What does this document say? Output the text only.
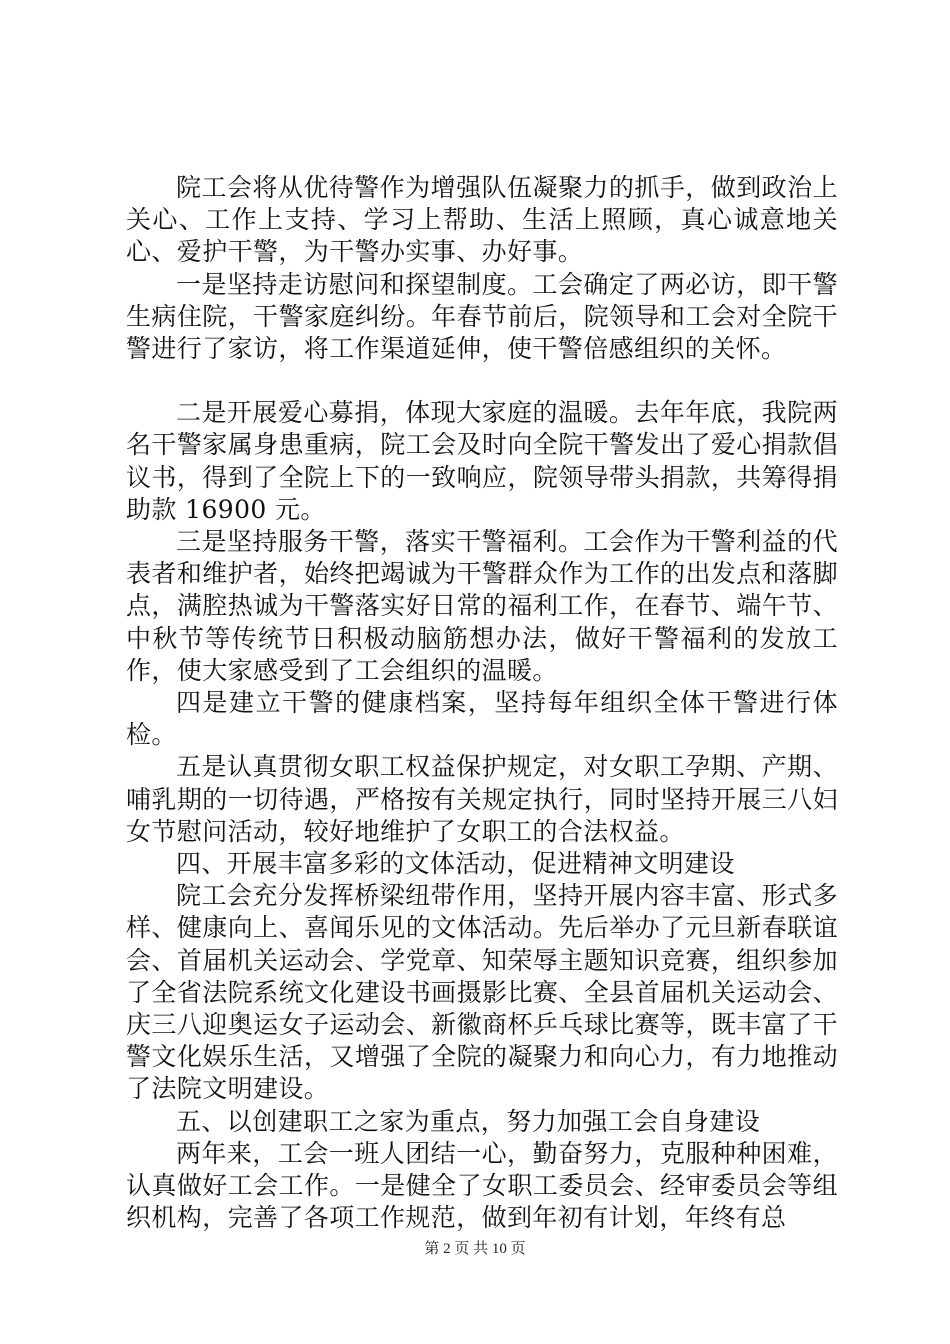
院工会将从优待警作为增强队伍凝聚力的抓手，做到政治上关心、工作上支持、学习上帮助、生活上照顾，真心诚意地关心、爱护干警，为干警办实事、办好事。

一是坚持走访慰问和探望制度。工会确定了两必访，即干警生病住院，干警家庭纠纷。年春节前后，院领导和工会对全院干警进行了家访，将工作渠道延伸，使干警倍感组织的关怀。

二是开展爱心募捐，体现大家庭的温暖。去年年底，我院两名干警家属身患重病，院工会及时向全院干警发出了爱心捐款倡议书，得到了全院上下的一致响应，院领导带头捐款，共筹得捐助款 16900 元。

三是坚持服务干警，落实干警福利。工会作为干警利益的代表者和维护者，始终把竭诚为干警群众作为工作的出发点和落脚点，满腔热诚为干警落实好日常的福利工作，在春节、端午节、中秋节等传统节日积极动脑筋想办法，做好干警福利的发放工作，使大家感受到了工会组织的温暖。

四是建立干警的健康档案，坚持每年组织全体干警进行体检。

五是认真贯彻女职工权益保护规定，对女职工孕期、产期、哺乳期的一切待遇，严格按有关规定执行，同时坚持开展三八妇女节慰问活动，较好地维护了女职工的合法权益。

四、开展丰富多彩的文体活动，促进精神文明建设

院工会充分发挥桥梁纽带作用，坚持开展内容丰富、形式多样、健康向上、喜闻乐见的文体活动。先后举办了元旦新春联谊会、首届机关运动会、学党章、知荣辱主题知识竞赛，组织参加了全省法院系统文化建设书画摄影比赛、全县首届机关运动会、庆三八迎奥运女子运动会、新徽商杯乒乓球比赛等，既丰富了干警文化娱乐生活，又增强了全院的凝聚力和向心力，有力地推动了法院文明建设。

五、以创建职工之家为重点，努力加强工会自身建设

两年来，工会一班人团结一心，勤奋努力，克服种种困难，认真做好工会工作。一是健全了女职工委员会、经审委员会等组织机构，完善了各项工作规范，做到年初有计划，年终有总

第 2 页 共 10 页
